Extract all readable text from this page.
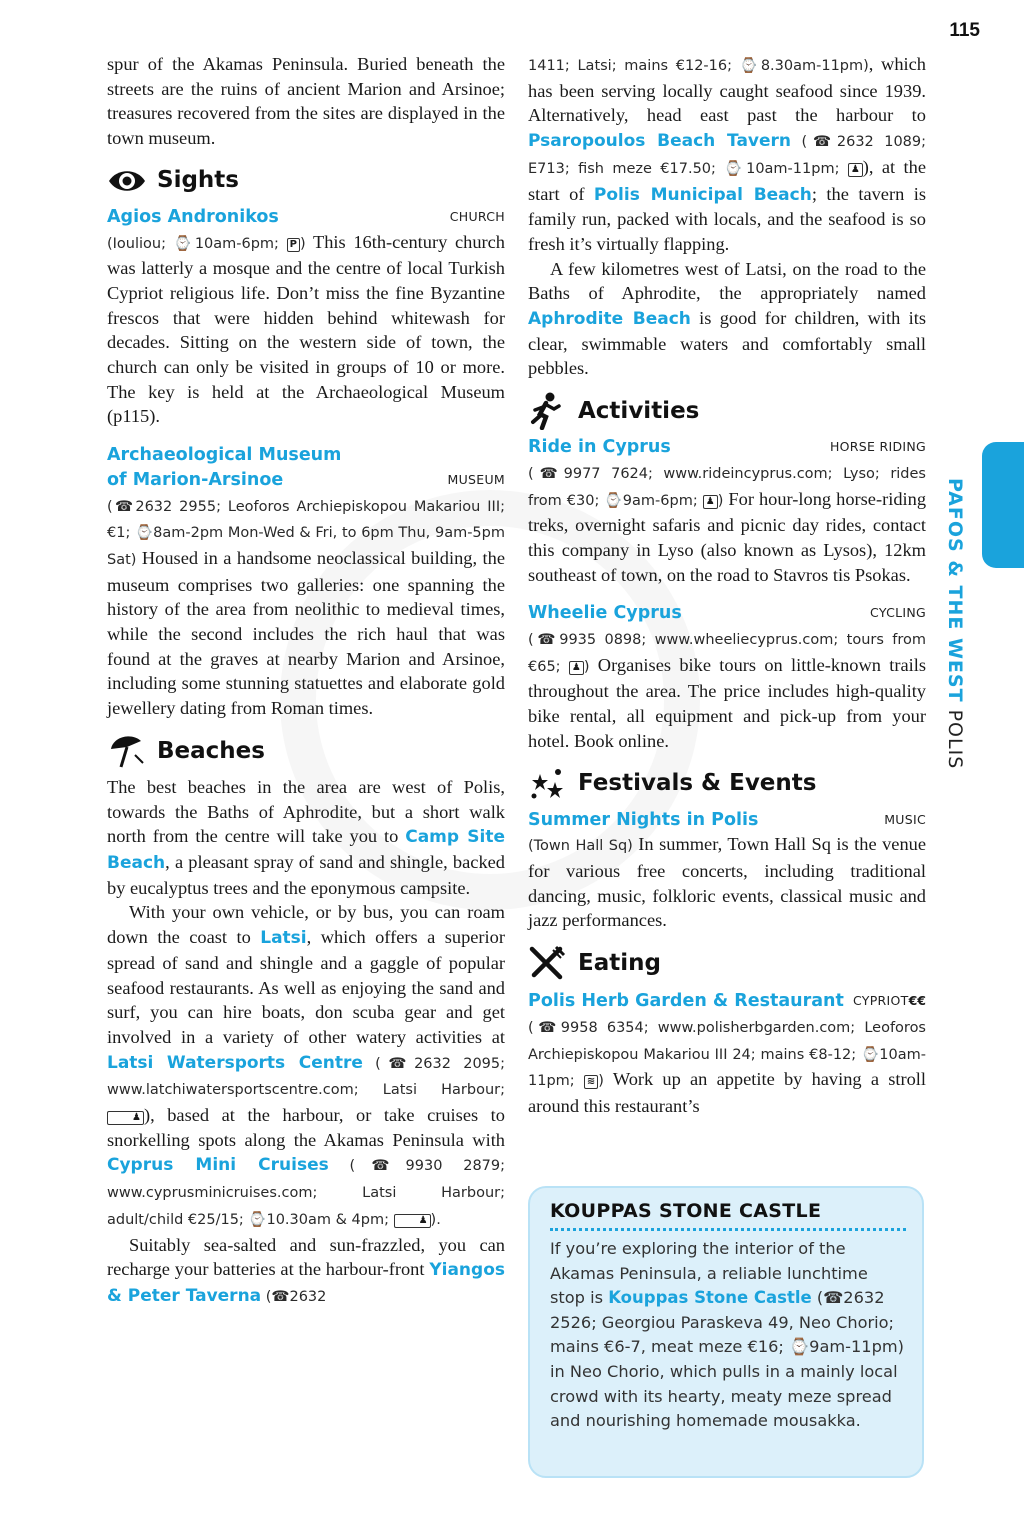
115
PAFOS & THE WEST POLIS

spur of the Akamas Peninsula. Buried beneath the streets are the ruins of ancient Marion and Arsinoe; treasures recovered from the sites are displayed in the town museum.

Sights
Agios Andronikos	CHURCH

(Iouliou; ⌚10am-6pm; P ) This 16th-century church was latterly a mosque and the centre of local Turkish Cypriot religious life. Don’t miss the fine Byzantine frescos that were hidden behind whitewash for decades. Sitting on the western side of town, the church can only be visited in groups of 10 or more. The key is held at the Archaeological Museum (p115).

Archaeological Museum
of Marion-Arsinoe	MUSEUM

(☎2632 2955; Leoforos Archiepiskopou Makariou III; €1; ⌚8am-2pm Mon-Wed & Fri, to 6pm Thu, 9am-5pm Sat) Housed in a handsome neoclassical building, the museum comprises two galleries: one spanning the history of the area from neolithic to medieval times, while the second includes the rich haul that was found at the graves at nearby Marion and Arsinoe, including some stunning statuettes and elaborate gold jewellery dating from Roman times.

Beaches

The best beaches in the area are west of Polis, towards the Baths of Aphrodite, but a short walk north from the centre will take you to Camp Site Beach, a pleasant spray of sand and shingle, backed by eucalyptus trees and the eponymous campsite.

With your own vehicle, or by bus, you can roam down the coast to Latsi, which offers a superior spread of sand and shingle and a gaggle of popular seafood restaurants. As well as enjoying the sand and surf, you can hire boats, don scuba gear and get involved in a variety of other watery activities at Latsi Watersports Centre (☎2632 2095; www.latchiwatersportscentre.com; Latsi Harbour; ♟ ), based at the harbour, or take cruises to snorkelling spots along the Akamas Peninsula with Cyprus Mini Cruises (☎9930 2879; www.cyprusminicruises.com; Latsi Harbour; adult/child €25/15; ⌚10.30am & 4pm;	♟ ).

Suitably sea-salted and sun-frazzled, you can recharge your batteries at the harbour-front Yiangos & Peter Taverna (☎2632

1411; Latsi; mains €12-16; ⌚8.30am-11pm), which has been serving locally caught seafood since 1939. Alternatively, head east past the harbour to Psaropoulos Beach Tavern (☎2632 1089; E713; fish meze €17.50; ⌚10am-11pm; ♟ ), at the start of Polis Municipal Beach; the tavern is family run, packed with locals, and the seafood is so fresh it’s virtually flapping.

A few kilometres west of Latsi, on the road to the Baths of Aphrodite, the appropriately named Aphrodite Beach is good for children, with its clear, swimmable waters and comfortably small pebbles.

Activities
Ride in Cyprus	HORSE RIDING

(☎9977 7624; www.rideincyprus.com; Lyso; rides from €30; ⌚9am-6pm; ♟ ) For hour-long horse-riding treks, overnight safaris and picnic day rides, contact this company in Lyso (also known as Lysos), 12km southeast of town, on the road to Stavros tis Psokas.

Wheelie Cyprus	CYCLING

(☎9935 0898; www.wheeliecyprus.com; tours from €65; ♟ ) Organises bike tours on little-known trails throughout the area. The price includes high-quality bike rental, all equipment and pick-up from your hotel. Book online.

Festivals & Events
Summer Nights in Polis	MUSIC

(Town Hall Sq) In summer, Town Hall Sq is the venue for various free concerts, including traditional dancing, music, folkloric events, classical music and jazz performances.

Eating
Polis Herb Garden & Restaurant CYPRIOT€€

(☎9958 6354; www.polisherbgarden.com; Leoforos Archiepiskopou Makariou III 24; mains €8-12; ⌚10am-11pm; ≋ ) Work up an appetite by having a stroll around this restaurant’s

KOUPPAS STONE CASTLE

If you’re exploring the interior of the Akamas Peninsula, a reliable lunchtime stop is Kouppas Stone Castle (☎2632 2526; Georgiou Paraskeva 49, Neo Chorio; mains €6-7, meat meze €16; ⌚9am-11pm) in Neo Chorio, which pulls in a mainly local crowd with its hearty, meaty meze spread and nourishing homemade mousakka.
